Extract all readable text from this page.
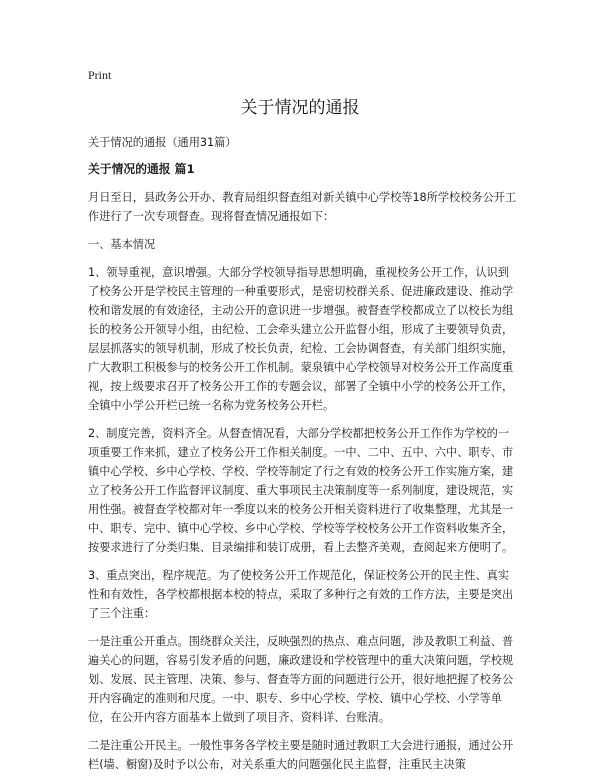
Print
关于情况的通报

关于情况的通报（通用31篇）

关于情况的通报 篇1

月日至日，县政务公开办、教育局组织督查组对新关镇中心学校等18所学校校务公开工作进行了一次专项督查。现将督查情况通报如下：

一、基本情况

1、领导重视，意识增强。大部分学校领导指导思想明确，重视校务公开工作，认识到了校务公开是学校民主管理的一种重要形式，是密切校群关系、促进廉政建设、推动学校和谐发展的有效途径，主动公开的意识进一步增强。被督查学校都成立了以校长为组长的校务公开领导小组，由纪检、工会牵头建立公开监督小组，形成了主要领导负责，层层抓落实的领导机制，形成了校长负责，纪检、工会协调督查，有关部门组织实施，广大教职工积极参与的校务公开工作机制。蒙泉镇中心学校领导对校务公开工作高度重视，按上级要求召开了校务公开工作的专题会议，部署了全镇中小学的校务公开工作，全镇中小学公开栏已统一名称为党务校务公开栏。

2、制度完善，资料齐全。从督查情况看，大部分学校都把校务公开工作作为学校的一项重要工作来抓，建立了校务公开工作相关制度。一中、二中、五中、六中、职专、市镇中心学校、乡中心学校、学校、学校等制定了行之有效的校务公开工作实施方案，建立了校务公开工作监督评议制度、重大事项民主决策制度等一系列制度，建设规范，实用性强。被督查学校都对年一季度以来的校务公开相关资料进行了收集整理，尤其是一中、职专、完中、镇中心学校、乡中心学校、学校等学校校务公开工作资料收集齐全，按要求进行了分类归集、目录编排和装订成册，看上去整齐美观，查阅起来方便明了。

3、重点突出，程序规范。为了使校务公开工作规范化，保证校务公开的民主性、真实性和有效性，各学校都根据本校的特点，采取了多种行之有效的工作方法，主要是突出了三个注重：

一是注重公开重点。围绕群众关注，反映强烈的热点、难点问题，涉及教职工利益、普遍关心的问题，容易引发矛盾的问题，廉政建设和学校管理中的重大决策问题，学校规划、发展、民主管理、决策、参与、督查等方面的问题进行公开，很好地把握了校务公开内容确定的准则和尺度。一中、职专、乡中心学校、学校、镇中心学校、小学等单位，在公开内容方面基本上做到了项目齐、资料详、台账清。

二是注重公开民主。一般性事务各学校主要是随时通过教职工大会进行通报，通过公开栏(墙、橱窗)及时予以公布，对关系重大的问题强化民主监督，注重民主决策
